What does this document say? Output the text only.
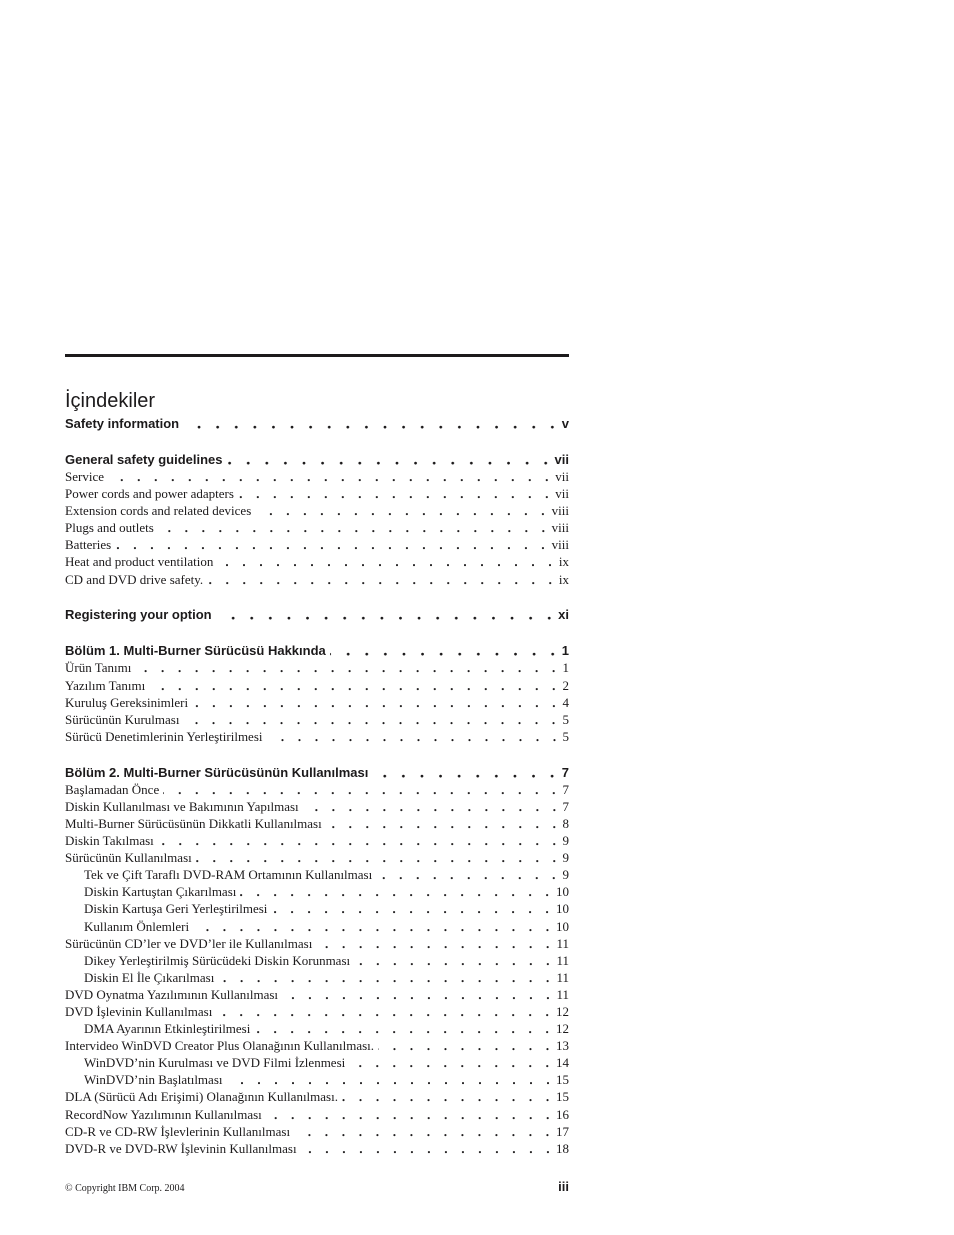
İçindekiler
Safety information	v
General safety guidelines	vii
Service	vii
Power cords and power adapters	vii
Extension cords and related devices	viii
Plugs and outlets	viii
Batteries	viii
Heat and product ventilation	ix
CD and DVD drive safety.	ix
Registering your option	xi
Bölüm 1. Multi-Burner Sürücüsü Hakkında	1
Ürün Tanımı	1
Yazılım Tanımı	2
Kuruluş Gereksinimleri	4
Sürücünün Kurulması	5
Sürücü Denetimlerinin Yerleştirilmesi	5
Bölüm 2. Multi-Burner Sürücüsünün Kullanılması	7
Başlamadan Önce	7
Diskin Kullanılması ve Bakımının Yapılması	7
Multi-Burner Sürücüsünün Dikkatli Kullanılması	8
Diskin Takılması	9
Sürücünün Kullanılması	9
Tek ve Çift Taraflı DVD-RAM Ortamının Kullanılması	9
Diskin Kartuştan Çıkarılması	10
Diskin Kartuşa Geri Yerleştirilmesi	10
Kullanım Önlemleri	10
Sürücünün CD’ler ve DVD’ler ile Kullanılması	11
Dikey Yerleştirilmiş Sürücüdeki Diskin Korunması	11
Diskin El İle Çıkarılması	11
DVD Oynatma Yazılımının Kullanılması	11
DVD İşlevinin Kullanılması	12
DMA Ayarının Etkinleştirilmesi	12
Intervideo WinDVD Creator Plus Olanağının Kullanılması.	13
WinDVD’nin Kurulması ve DVD Filmi İzlenmesi	14
WinDVD’nin Başlatılması	15
DLA (Sürücü Adı Erişimi) Olanağının Kullanılması.	15
RecordNow Yazılımının Kullanılması	16
CD-R ve CD-RW İşlevlerinin Kullanılması	17
DVD-R ve DVD-RW İşlevinin Kullanılması	18
© Copyright IBM Corp. 2004	iii
